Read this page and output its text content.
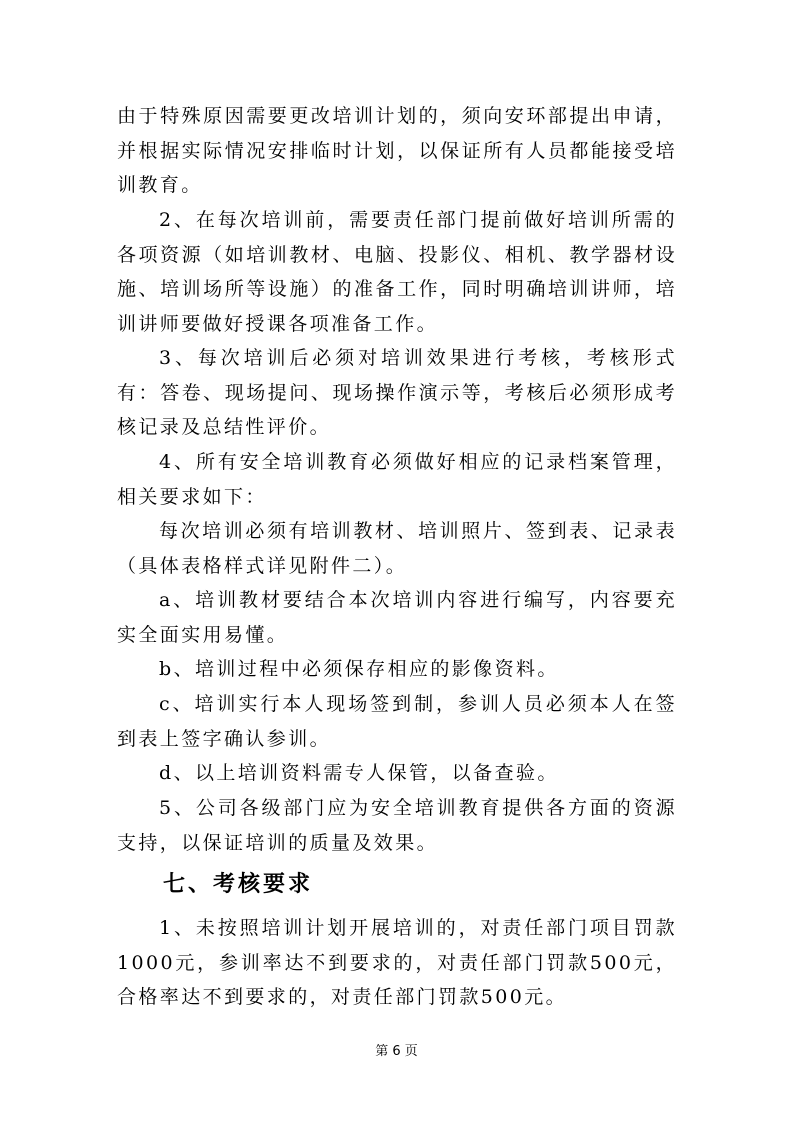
由于特殊原因需要更改培训计划的，须向安环部提出申请，并根据实际情况安排临时计划，以保证所有人员都能接受培训教育。

2、在每次培训前，需要责任部门提前做好培训所需的各项资源（如培训教材、电脑、投影仪、相机、教学器材设施、培训场所等设施）的准备工作，同时明确培训讲师，培训讲师要做好授课各项准备工作。

3、每次培训后必须对培训效果进行考核，考核形式有：答卷、现场提问、现场操作演示等，考核后必须形成考核记录及总结性评价。

4、所有安全培训教育必须做好相应的记录档案管理，相关要求如下：

每次培训必须有培训教材、培训照片、签到表、记录表（具体表格样式详见附件二）。

a、培训教材要结合本次培训内容进行编写，内容要充实全面实用易懂。

b、培训过程中必须保存相应的影像资料。

c、培训实行本人现场签到制，参训人员必须本人在签到表上签字确认参训。

d、以上培训资料需专人保管，以备查验。

5、公司各级部门应为安全培训教育提供各方面的资源支持，以保证培训的质量及效果。

七、考核要求

1、未按照培训计划开展培训的，对责任部门项目罚款1000元，参训率达不到要求的，对责任部门罚款500元，合格率达不到要求的，对责任部门罚款500元。

第 6 页
